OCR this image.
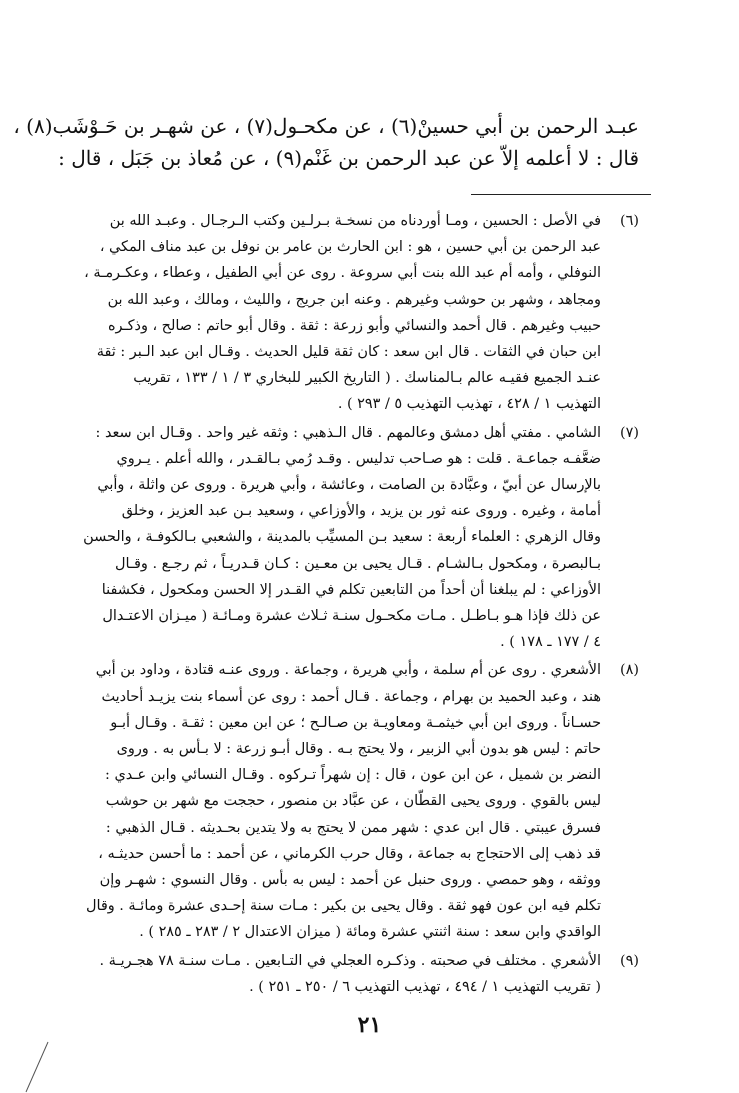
عبـد الرحمن بن أبي حسينْ(٦) ، عن مكحـول(٧) ، عن شهـر بن حَـوْشَب(٨) ،
قال : لا أعلمه إلاّ عن عبد الرحمن بن غَنْم(٩) ، عن مُعاذ بن جَبَل ، قال :
(٦)
في الأصل : الحسين ، ومـا أوردناه من نسخـة بـرلـين وكتب الـرجـال . وعبـد الله بن
عبد الرحمن بن أبي حسين ، هو : ابن الحارث بن عامر بن نوفل بن عبد مناف المكي ،
النوفلي ، وأمه أم عبد الله بنت أبي سروعة . روى عن أبي الطفيل ، وعطاء ، وعكـرمـة ،
ومجاهد ، وشهر بن حوشب وغيرهم . وعنه ابن جريج ، والليث ، ومالك ، وعبد الله بن
حبيب وغيرهم . قال أحمد والنسائي وأبو زرعة : ثقة . وقال أبو حاتم : صالح ، وذكـره
ابن حبان في الثقات . قال ابن سعد : كان ثقة قليل الحديث . وقـال ابن عبد الـبر : ثقة
عنـد الجميع فقيـه عالم بـالمناسك . ( التاريخ الكبير للبخاري ٣ / ١ / ١٣٣ ، تقريب
التهذيب ١ / ٤٢٨ ، تهذيب التهذيب ٥ / ٢٩٣ ) .
(٧)
الشامي . مفتي أهل دمشق وعالمهم . قال الـذهبي : وثقه غير واحد . وقـال ابن سعد :
ضعَّفـه جماعـة . قلت : هو صـاحب تدليس . وقـد رُمي بـالقـدر ، والله أعلم . يـروي
بالإرسال عن أبيّ ، وعبَّادة بن الصامت ، وعائشة ، وأبي هريرة . وروى عن واثلة ، وأبي
أمامة ، وغيره . وروى عنه ثور بن يزيد ، والأوزاعي ، وسعيد بـن عبد العزيز ، وخلق
وقال الزهري : العلماء أربعة : سعيد بـن المسيِّب بالمدينة ، والشعبي بـالكوفـة ، والحسن
بـالبصرة ، ومكحول بـالشـام . قـال يحيى بن معـين : كـان قـدريـاً ، ثم رجـع . وقـال
الأوزاعي : لم يبلغنا أن أحداً من التابعين تكلم في القـدر إلا الحسن ومكحول ، فكشفنا
عن ذلك فإذا هـو بـاطـل . مـات مكحـول سنـة ثـلاث عشرة ومـائـة ( ميـزان الاعتـدال
٤ / ١٧٧ ـ ١٧٨ ) .
(٨)
الأشعري . روى عن أم سلمة ، وأبي هريرة ، وجماعة . وروى عنـه قتادة ، وداود بن أبي
هند ، وعبد الحميد بن بهرام ، وجماعة . قـال أحمد : روى عن أسماء بنت يزيـد أحاديث
حسـاناً . وروى ابن أبي خيثمـة ومعاويـة بن صـالـح ؛ عن ابن معين : ثقـة . وقـال أبـو
حاتم : ليس هو بدون أبي الزبير ، ولا يحتج بـه . وقال أبـو زرعة : لا بـأس به . وروى
النضر بن شميل ، عن ابن عون ، قال : إن شهراً تـركوه . وقـال النسائي وابن عـدي :
ليس بالقوي . وروى يحيى القطّان ، عن عبَّاد بن منصور ، حججت مع شهر بن حوشب
فسرق عيبتي . قال ابن عدي : شهر ممن لا يحتج به ولا يتدين بحـديثه . قـال الذهبي :
قد ذهب إلى الاحتجاج به جماعة ، وقال حرب الكرماني ، عن أحمد : ما أحسن حديثـه ،
ووثقه ، وهو حمصي . وروى حنبل عن أحمد : ليس به بأس . وقال النسوي : شهـر وإن
تكلم فيه ابن عون فهو ثقة . وقال يحيى بن بكير : مـات سنة إحـدى عشرة ومائـة . وقال
الواقدي وابن سعد : سنة اثنتي عشرة ومائة ( ميزان الاعتدال ٢ / ٢٨٣ ـ ٢٨٥ ) .
(٩)
الأشعري . مختلف في صحبته . وذكـره العجلي في التـابعين . مـات سنـة ٧٨ هجـريـة .
( تقريب التهذيب ١ / ٤٩٤ ، تهذيب التهذيب ٦ / ٢٥٠ ـ ٢٥١ ) .
٢١
